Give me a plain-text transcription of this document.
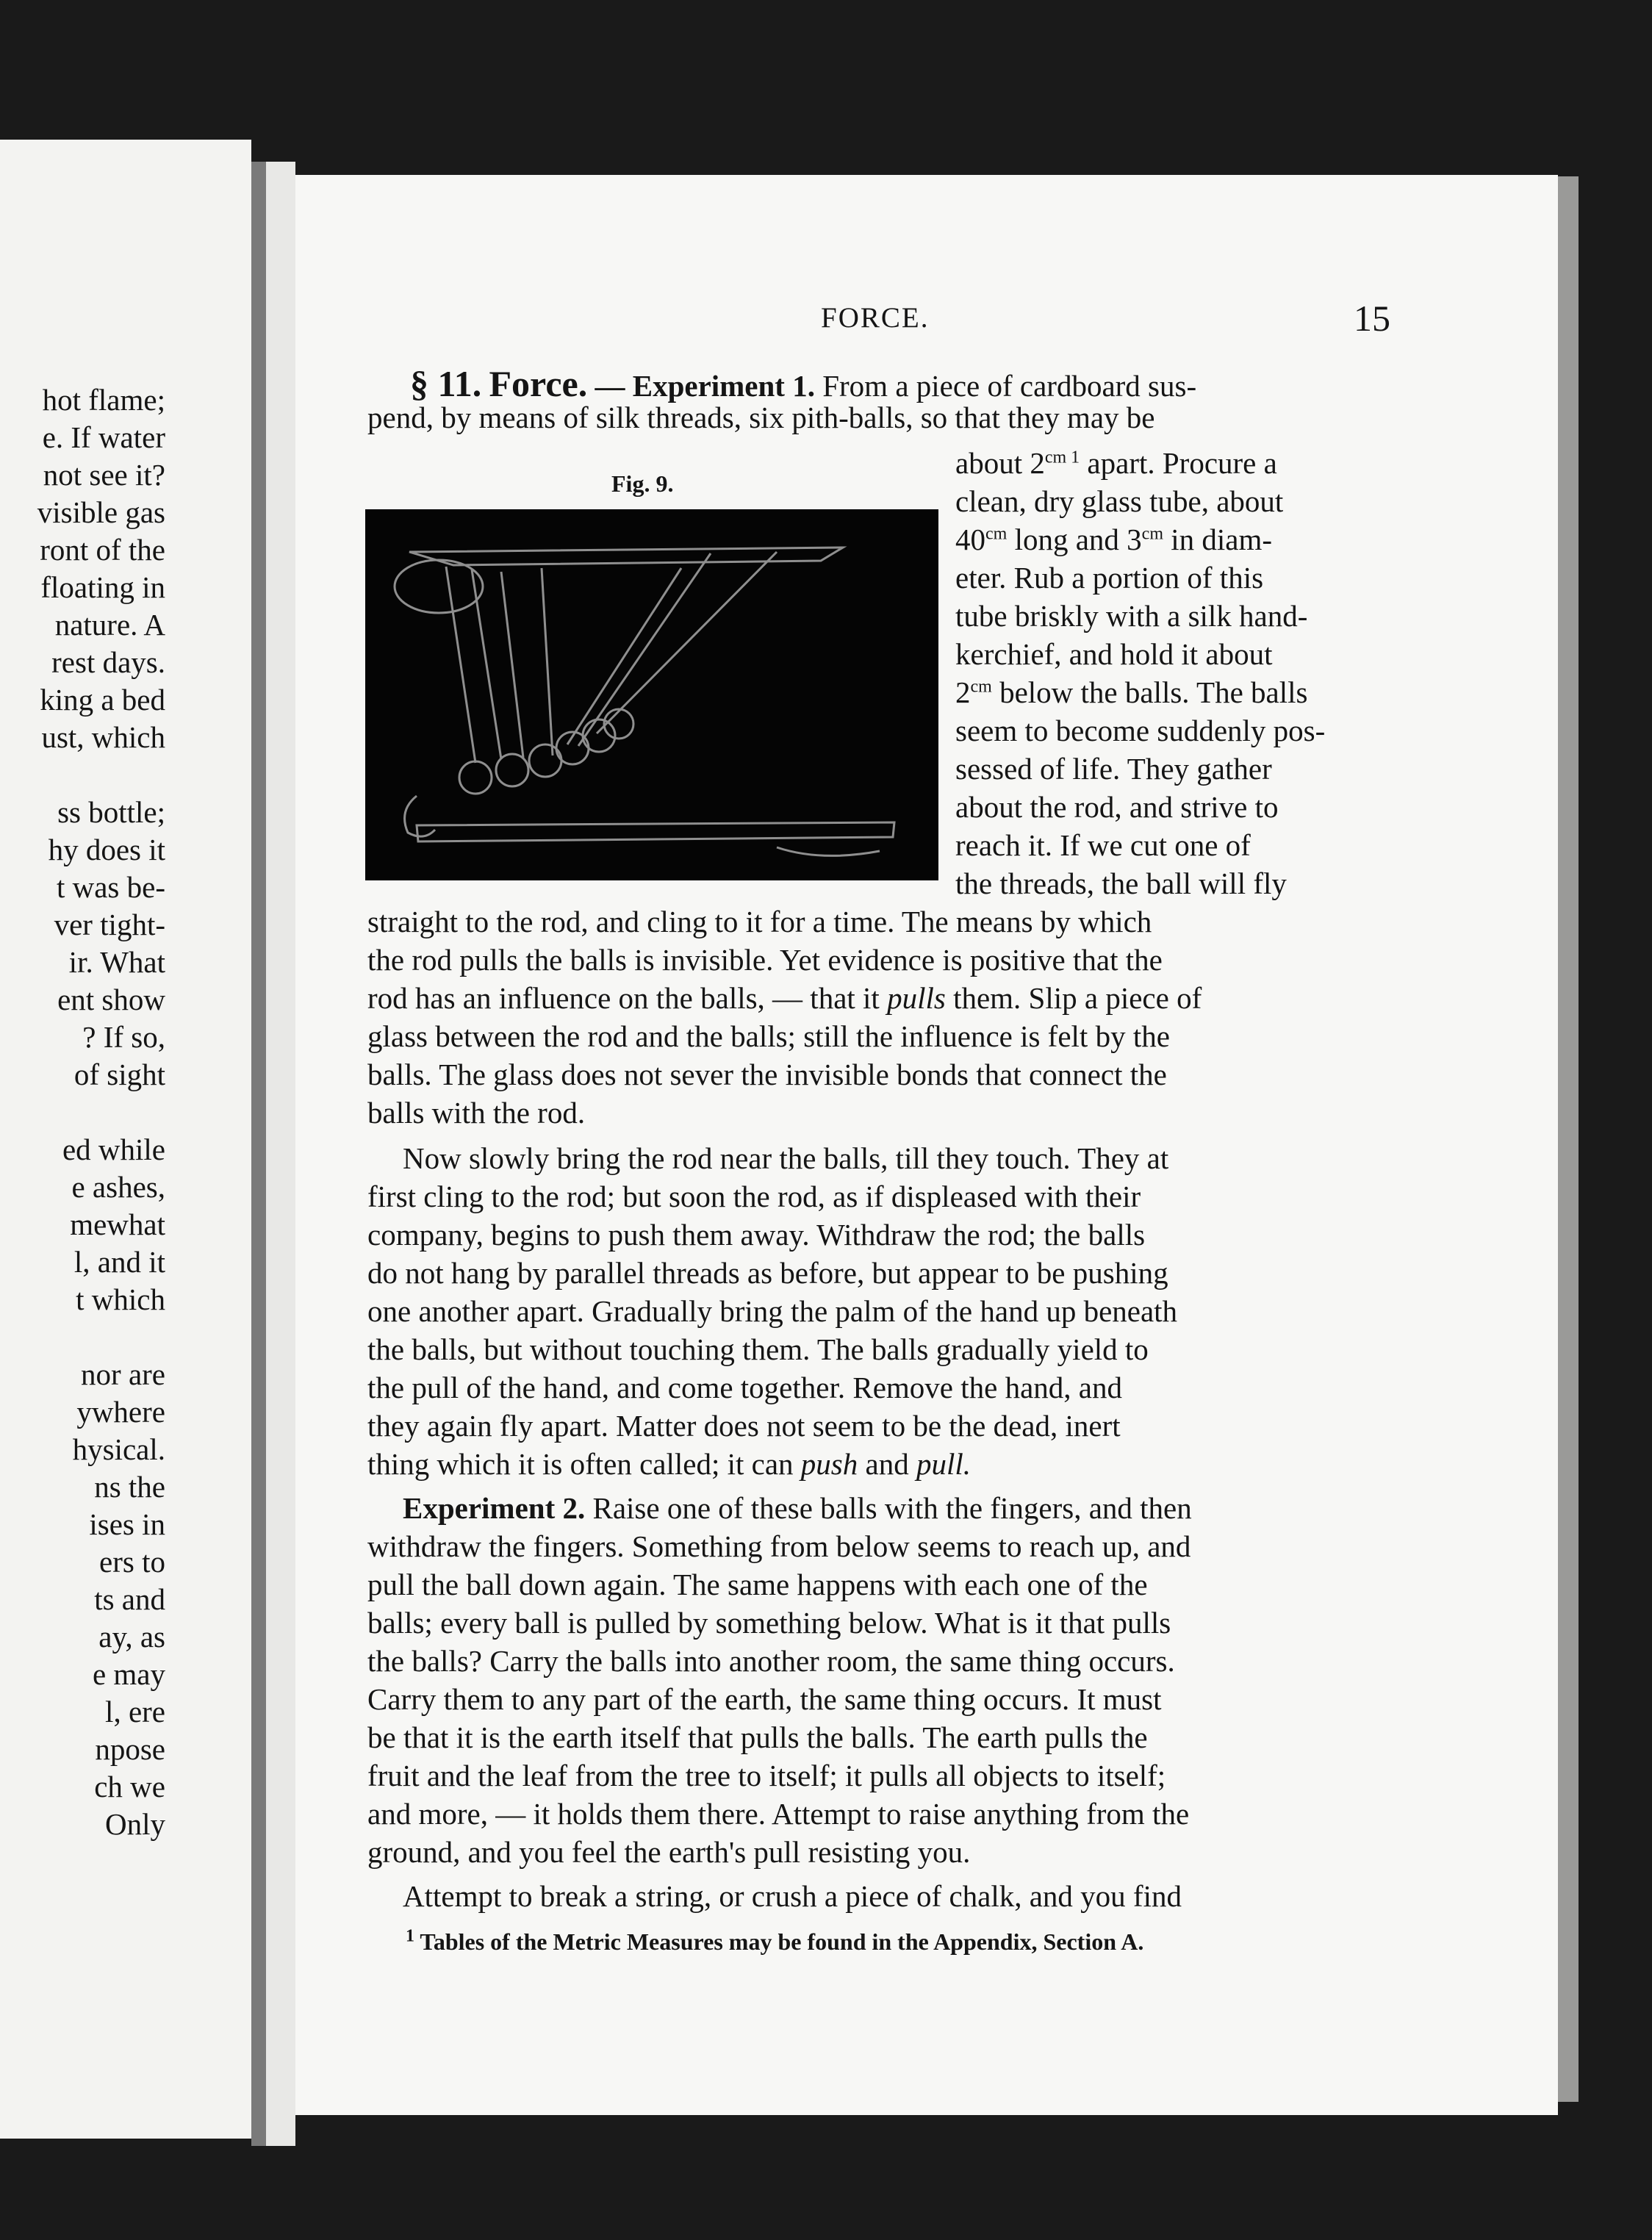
hot flame;
e. If water
not see it?
visible gas
ront of the
floating in
nature. A
rest days.
king a bed
ust, which
ss bottle;
hy does it
t was be-
ver tight-
ir. What
ent show
? If so,
of sight
ed while
e ashes,
mewhat
l, and it
t which
nor are
ywhere
hysical.
ns the
ises in
ers to
ts and
ay, as
e may
l, ere
npose
ch we
Only
FORCE.	15
§ 11. Force. — Experiment 1. From a piece of cardboard sus-
pend, by means of silk threads, six pith-balls, so that they may be
Fig. 9.
about $2^{cm 1}$ apart. Procure a
clean, dry glass tube, about
$40^{cm}$ long and $3^{cm}$ in diam-
eter. Rub a portion of this
tube briskly with a silk hand-
kerchief, and hold it about
$2^{cm}$ below the balls. The balls
seem to become suddenly pos-
sessed of life. They gather
about the rod, and strive to
reach it. If we cut one of
the threads, the ball will fly
straight to the rod, and cling to it for a time. The means by which
the rod pulls the balls is invisible. Yet evidence is positive that the
rod has an influence on the balls, — that it pulls them. Slip a piece of
glass between the rod and the balls; still the influence is felt by the
balls. The glass does not sever the invisible bonds that connect the
balls with the rod.
Now slowly bring the rod near the balls, till they touch. They at
first cling to the rod; but soon the rod, as if displeased with their
company, begins to push them away. Withdraw the rod; the balls
do not hang by parallel threads as before, but appear to be pushing
one another apart. Gradually bring the palm of the hand up beneath
the balls, but without touching them. The balls gradually yield to
the pull of the hand, and come together. Remove the hand, and
they again fly apart. Matter does not seem to be the dead, inert
thing which it is often called; it can push and pull.
Experiment 2. Raise one of these balls with the fingers, and then
withdraw the fingers. Something from below seems to reach up, and
pull the ball down again. The same happens with each one of the
balls; every ball is pulled by something below. What is it that pulls
the balls? Carry the balls into another room, the same thing occurs.
Carry them to any part of the earth, the same thing occurs. It must
be that it is the earth itself that pulls the balls. The earth pulls the
fruit and the leaf from the tree to itself; it pulls all objects to itself;
and more, — it holds them there. Attempt to raise anything from the
ground, and you feel the earth's pull resisting you.
Attempt to break a string, or crush a piece of chalk, and you find
$^1$ Tables of the Metric Measures may be found in the Appendix, Section A.
